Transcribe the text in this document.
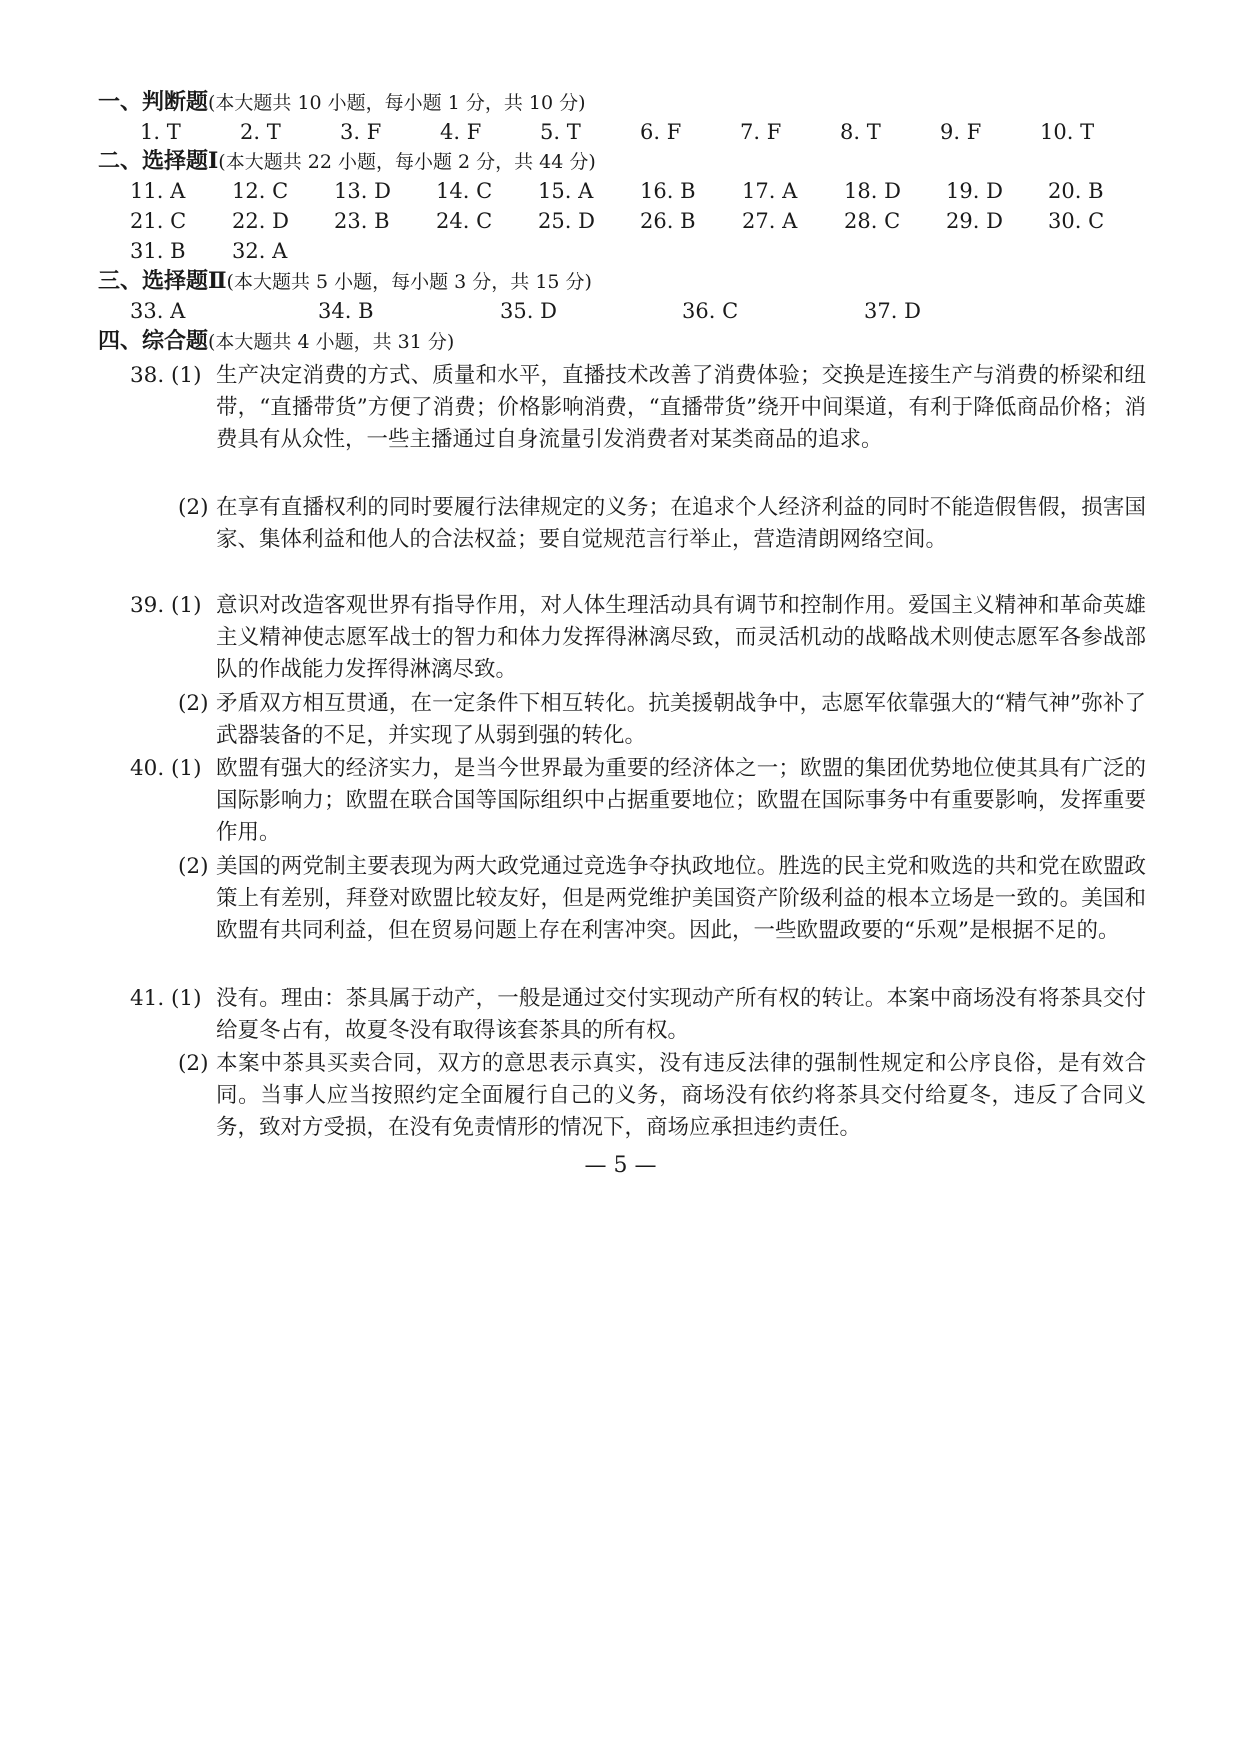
一、判断题(本大题共 10 小题，每小题 1 分，共 10 分)
1. T	2. T	3. F	4. F	5. T	6. F	7. F	8. T	9. F	10. T
二、选择题Ⅰ(本大题共 22 小题，每小题 2 分，共 44 分)
11. A 12. C 13. D 14. C 15. A 16. B 17. A 18. D 19. D 20. B
21. C 22. D 23. B 24. C 25. D 26. B 27. A 28. C 29. D 30. C
31. B 32. A
三、选择题Ⅱ(本大题共 5 小题，每小题 3 分，共 15 分)
33. A	34. B	35. D	36. C	37. D
四、综合题(本大题共 4 小题，共 31 分)
38. (1) 生产决定消费的方式、质量和水平，直播技术改善了消费体验；交换是连接生产与消费的桥梁和纽带，“直播带货”方便了消费；价格影响消费，“直播带货”绕开中间渠道，有利于降低商品价格；消费具有从众性，一些主播通过自身流量引发消费者对某类商品的追求。
(2) 在享有直播权利的同时要履行法律规定的义务；在追求个人经济利益的同时不能造假售假，损害国家、集体利益和他人的合法权益；要自觉规范言行举止，营造清朗网络空间。
39. (1) 意识对改造客观世界有指导作用，对人体生理活动具有调节和控制作用。爱国主义精神和革命英雄主义精神使志愿军战士的智力和体力发挥得淋漓尽致，而灵活机动的战略战术则使志愿军各参战部队的作战能力发挥得淋漓尽致。
(2) 矛盾双方相互贯通，在一定条件下相互转化。抗美援朝战争中，志愿军依靠强大的“精气神”弥补了武器装备的不足，并实现了从弱到强的转化。
40. (1) 欧盟有强大的经济实力，是当今世界最为重要的经济体之一；欧盟的集团优势地位使其具有广泛的国际影响力；欧盟在联合国等国际组织中占据重要地位；欧盟在国际事务中有重要影响，发挥重要作用。
(2) 美国的两党制主要表现为两大政党通过竞选争夺执政地位。胜选的民主党和败选的共和党在欧盟政策上有差别，拜登对欧盟比较友好，但是两党维护美国资产阶级利益的根本立场是一致的。美国和欧盟有共同利益，但在贸易问题上存在利害冲突。因此，一些欧盟政要的“乐观”是根据不足的。
41. (1) 没有。理由：茶具属于动产，一般是通过交付实现动产所有权的转让。本案中商场没有将茶具交付给夏冬占有，故夏冬没有取得该套茶具的所有权。
(2) 本案中茶具买卖合同，双方的意思表示真实，没有违反法律的强制性规定和公序良俗，是有效合同。当事人应当按照约定全面履行自己的义务，商场没有依约将茶具交付给夏冬，违反了合同义务，致对方受损，在没有免责情形的情况下，商场应承担违约责任。
— 5 —
